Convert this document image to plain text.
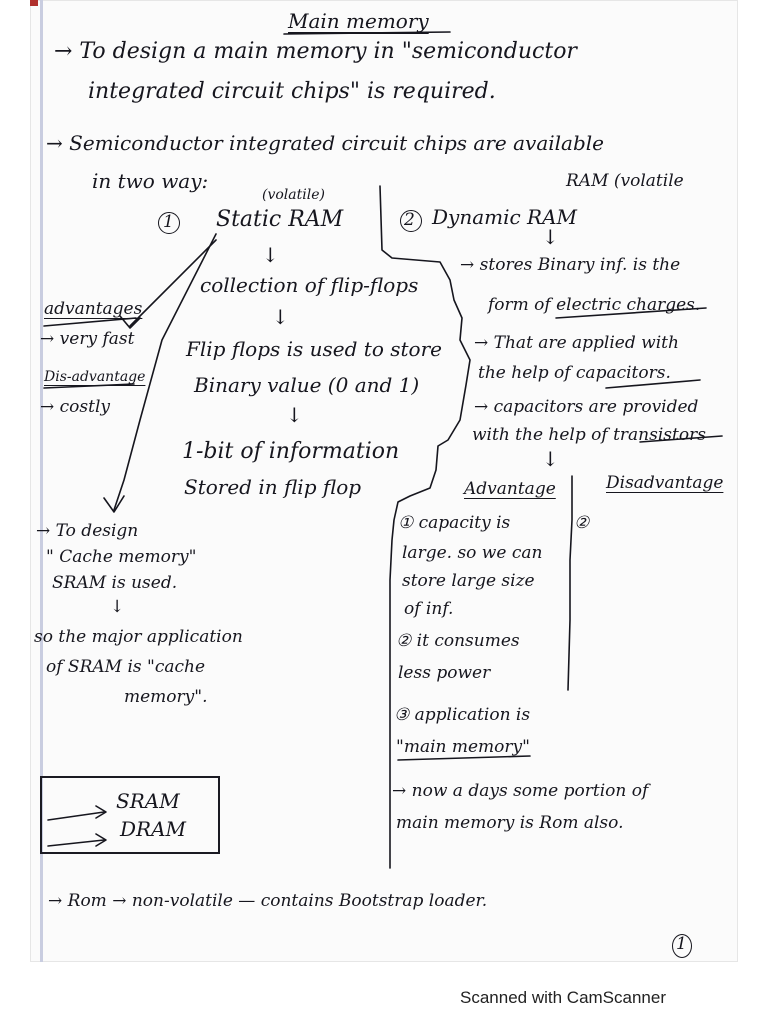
Main memory
→ To design a main memory in "semiconductor
integrated circuit chips" is required.
→ Semiconductor integrated circuit chips are available
in two way:
(volatile)
1 Static RAM
↓
collection of flip-flops
↓
Flip flops is used to store
Binary value (0 and 1)
↓
1-bit of information
Stored in flip flop
advantages
→ very fast
Dis-advantage
→ costly
→ To design
" Cache memory"
SRAM is used.
↓
so the major application
of SRAM is "cache
memory".
RAM (volatile
2 Dynamic RAM
↓
→ stores Binary inf. is the
form of electric charges.
→ That are applied with
the help of capacitors.
→ capacitors are provided
with the help of transistors
↓
Advantage	Disadvantage
②
① capacity is
large. so we can
store large size
of inf.
② it consumes
less power
③ application is
"main memory"
→ now a days some portion of
main memory is Rom also.
SRAM
DRAM
→ Rom → non-volatile — contains Bootstrap loader.
1
Scanned with CamScanner
